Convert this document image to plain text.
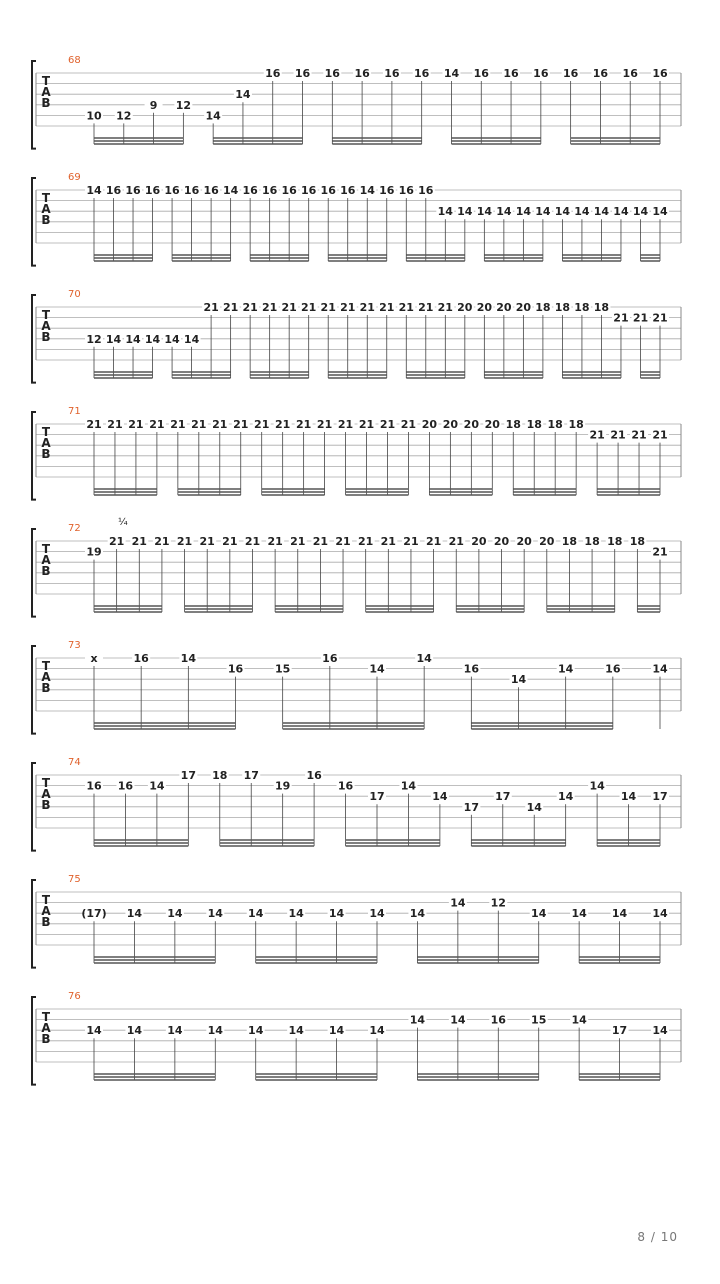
68
T
A
B
10 12
9 12
14
14
16 16 16 16 16 16 14 16 16 16 16 16 16 16
69
T
A
B
14 16 16 16 16 16 16 14 16 16 16 16 16 16 14 16 16 16
14 14 14 14 14 14 14 14 14 14 14 14
70
T
A
B	12 14 14 14 14 14
21 21 21 21 21 21 21 21 21 21 21 21 21 20 20 20 20 18 18 18 18
21 21 21
71
T
A
B
21 21 21 21 21 21 21 21 21 21 21 21 21 21 21 21 20 20 20 20 18 18 18 18
21 21 21 21
72
T
A
B
19
21 21 21 21 21 21 21 21 21 21 21 21 21 21 21 21 20 20 20 20 18 18 18 18
21
¼
73
T
A
B
x	16	14
16	15
16
14
14
16
14
14	16	14
74
T
A
B
16 16 14
17 18 17
19
16
16
17
14
14
17
17
14
14
14
14 17
75
T
A
B
(17) 14 14 14 14 14 14 14 14
14 12
14 14 14 14
76
T
A
B
14 14 14 14 14 14 14 14
14 14 16 15 14
17 14
8 / 10
